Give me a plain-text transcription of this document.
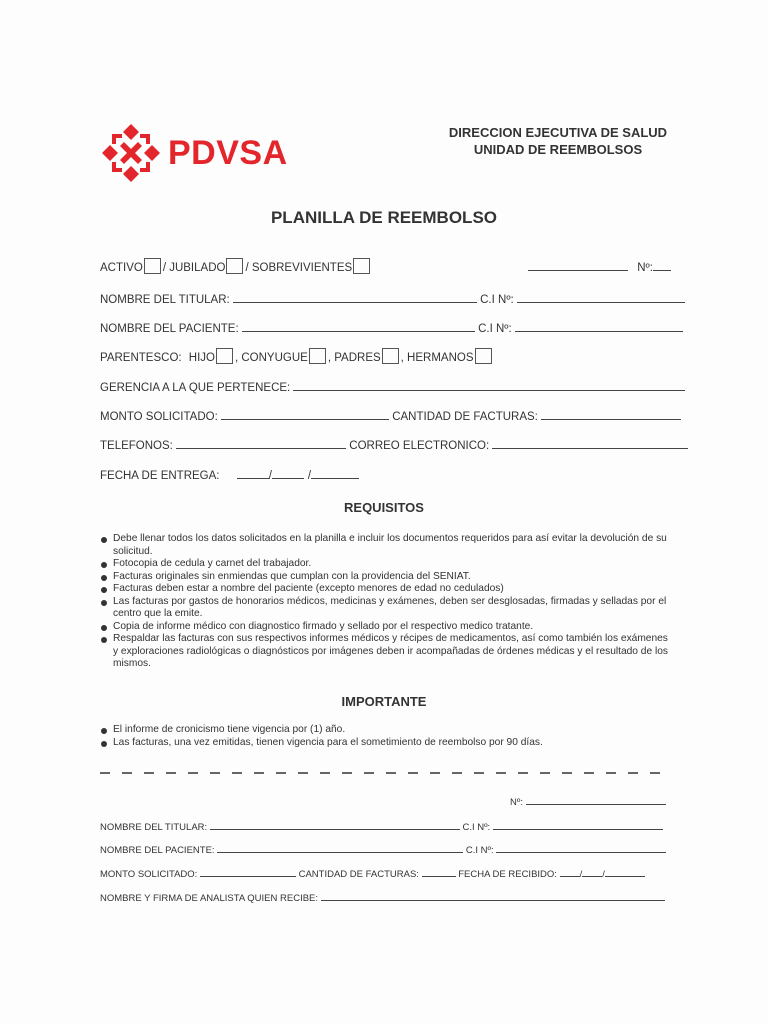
PDVSA
DIRECCION EJECUTIVA DE SALUD
UNIDAD DE REEMBOLSOS
PLANILLA DE REEMBOLSO
ACTIVO / JUBILADO / SOBREVIVIENTES	Nº:
NOMBRE DEL TITULAR:	C.I Nº:
NOMBRE DEL PACIENTE:	C.I Nº:
PARENTESCO: HIJO , CONYUGUE , PADRES , HERMANOS
GERENCIA A LA QUE PERTENECE:
MONTO SOLICITADO:	CANTIDAD DE FACTURAS:
TELEFONOS:	CORREO ELECTRONICO:
FECHA DE ENTREGA:	/	/
REQUISITOS
Debe llenar todos los datos solicitados en la planilla e incluir los documentos requeridos para así evitar la devolución de su solicitud.
Fotocopia de cedula y carnet del trabajador.
Facturas originales sin enmiendas que cumplan con la providencia del SENIAT.
Facturas deben estar a nombre del paciente (excepto menores de edad no cedulados)
Las facturas por gastos de honorarios médicos, medicinas y exámenes, deben ser desglosadas, firmadas y selladas por el centro que la emite.
Copia de informe médico con diagnostico firmado y sellado por el respectivo medico tratante.
Respaldar las facturas con sus respectivos informes médicos y récipes de medicamentos, así como también los exámenes y exploraciones radiológicas o diagnósticos por imágenes deben ir acompañadas de órdenes médicas y el resultado de los mismos.
IMPORTANTE
El informe de cronicismo tiene vigencia por (1) año.
Las facturas, una vez emitidas, tienen vigencia para el sometimiento de reembolso por 90 días.
Nº:
NOMBRE DEL TITULAR:	C.I Nº:
NOMBRE DEL PACIENTE:	C.I Nº:
MONTO SOLICITADO:	CANTIDAD DE FACTURAS:	FECHA DE RECIBIDO: / /
NOMBRE Y FIRMA DE ANALISTA QUIEN RECIBE:
